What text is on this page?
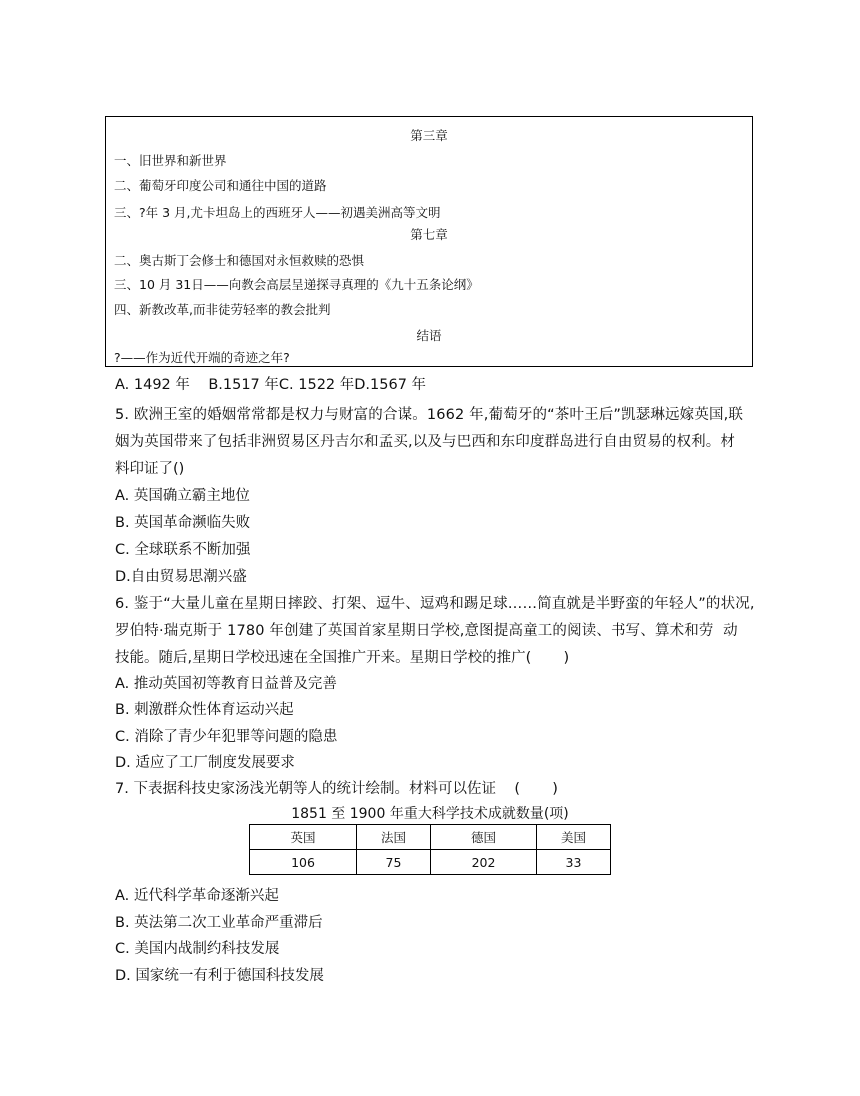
第三章
一、旧世界和新世界
二、葡萄牙印度公司和通往中国的道路
三、?年 3 月,尤卡坦岛上的西班牙人——初遇美洲高等文明
第七章
二、奥古斯丁会修士和德国对永恒救赎的恐惧
三、10 月 31日——向教会高层呈递探寻真理的《九十五条论纲》
四、新教改革,而非徒劳轻率的教会批判
结语
?——作为近代开端的奇迹之年?
A. 1492 年    B.1517 年C. 1522 年D.1567 年
5. 欧洲王室的婚姻常常都是权力与财富的合谋。1662 年,葡萄牙的“茶叶王后”凯瑟琳远嫁英国,联
姻为英国带来了包括非洲贸易区丹吉尔和孟买,以及与巴西和东印度群岛进行自由贸易的权利。材
料印证了()
A. 英国确立霸主地位
B. 英国革命濒临失败
C. 全球联系不断加强
D.自由贸易思潮兴盛
6. 鉴于“大量儿童在星期日摔跤、打架、逗牛、逗鸡和踢足球……简直就是半野蛮的年轻人”的状况,
罗伯特·瑞克斯于 1780 年创建了英国首家星期日学校,意图提高童工的阅读、书写、算术和劳  动
技能。随后,星期日学校迅速在全国推广开来。星期日学校的推广(       )
A. 推动英国初等教育日益普及完善
B. 刺激群众性体育运动兴起
C. 消除了青少年犯罪等问题的隐患
D. 适应了工厂制度发展要求
7. 下表据科技史家汤浅光朝等人的统计绘制。材料可以佐证    (       )
1851 至 1900 年重大科学技术成就数量(项)
英国	法国	德国	美国
106	75	202	33
A. 近代科学革命逐渐兴起
B. 英法第二次工业革命严重滞后
C. 美国内战制约科技发展
D. 国家统一有利于德国科技发展
